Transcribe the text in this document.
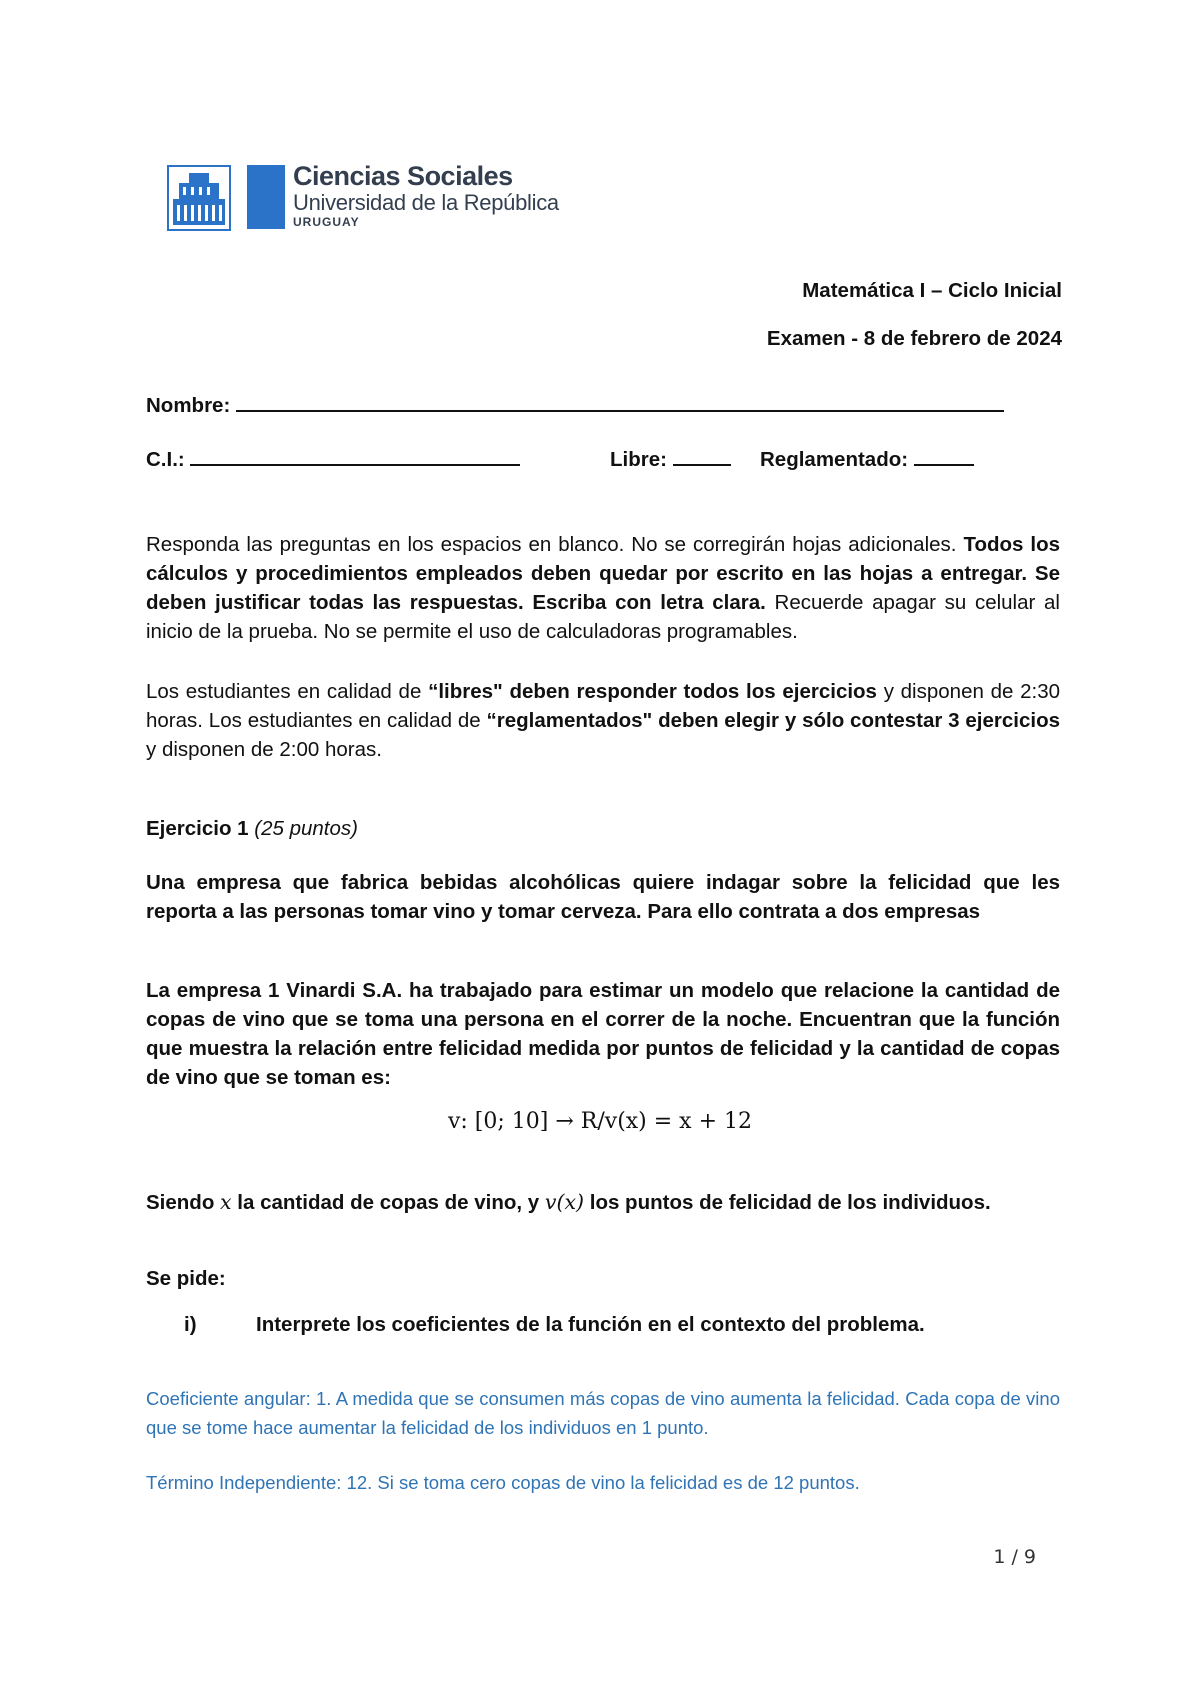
Ciencias Sociales
Universidad de la República
URUGUAY
Matemática I – Ciclo Inicial
Examen - 8 de febrero de 2024
Nombre:
C.I.:	Libre:	Reglamentado:
Responda las preguntas en los espacios en blanco. No se corregirán hojas adicionales. Todos los cálculos y procedimientos empleados deben quedar por escrito en las hojas a entregar. Se deben justificar todas las respuestas. Escriba con letra clara. Recuerde apagar su celular al inicio de la prueba. No se permite el uso de calculadoras programables.
Los estudiantes en calidad de “libres" deben responder todos los ejercicios y disponen de 2:30 horas. Los estudiantes en calidad de “reglamentados" deben elegir y sólo contestar 3 ejercicios y disponen de 2:00 horas.
Ejercicio 1 (25 puntos)
Una empresa que fabrica bebidas alcohólicas quiere indagar sobre la felicidad que les reporta a las personas tomar vino y tomar cerveza. Para ello contrata a dos empresas
La empresa 1 Vinardi S.A. ha trabajado para estimar un modelo que relacione la cantidad de copas de vino que se toma una persona en el correr de la noche. Encuentran que la función que muestra la relación entre felicidad medida por puntos de felicidad y la cantidad de copas de vino que se toman es:
v: [0; 10] → R/v(x) = x + 12
Siendo x la cantidad de copas de vino, y v(x) los puntos de felicidad de los individuos.
Se pide:
i)	Interprete los coeficientes de la función en el contexto del problema.
Coeficiente angular: 1. A medida que se consumen más copas de vino aumenta la felicidad. Cada copa de vino que se tome hace aumentar la felicidad de los individuos en 1 punto.
Término Independiente: 12. Si se toma cero copas de vino la felicidad es de 12 puntos.
1 / 9
